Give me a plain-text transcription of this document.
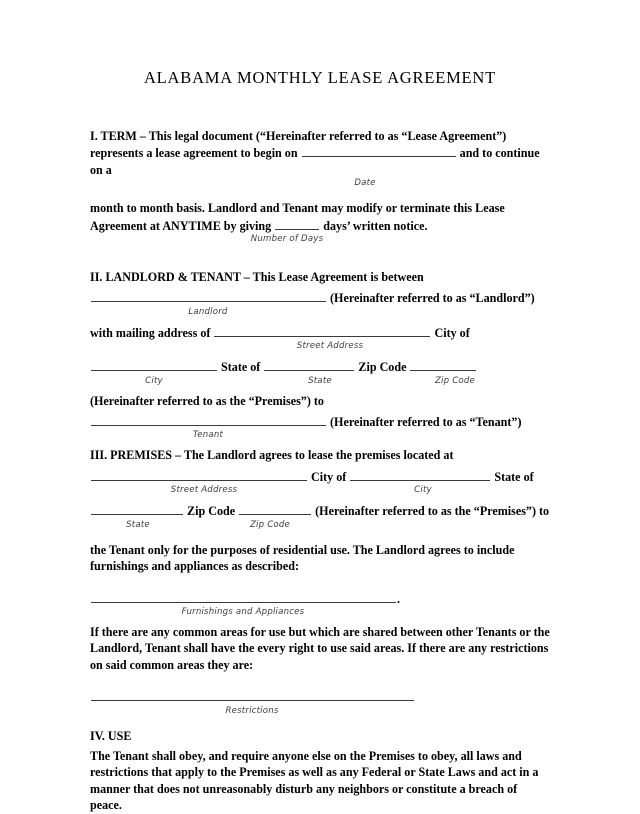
ALABAMA MONTHLY LEASE AGREEMENT
I. TERM – This legal document (“Hereinafter referred to as “Lease Agreement”)
represents a lease agreement to begin on	and to continue on a
Date
month to month basis. Landlord and Tenant may modify or terminate this Lease
Agreement at ANYTIME by giving	days’ written notice.
Number of Days
II. LANDLORD & TENANT – This Lease Agreement is between
(Hereinafter referred to as “Landlord”)
Landlord
with mailing address of	City of
Street Address
State of	Zip Code
City	State	Zip Code
(Hereinafter referred to as the “Premises”) to
(Hereinafter referred to as “Tenant”)
Tenant
III. PREMISES – The Landlord agrees to lease the premises located at
City of	State of
Street Address	City
Zip Code	(Hereinafter referred to as the “Premises”) to
State	Zip Code
the Tenant only for the purposes of residential use. The Landlord agrees to include
furnishings and appliances as described:
.
Furnishings and Appliances
If there are any common areas for use but which are shared between other Tenants or the
Landlord, Tenant shall have the every right to use said areas. If there are any restrictions
on said common areas they are:
Restrictions
IV. USE
The Tenant shall obey, and require anyone else on the Premises to obey, all laws and
restrictions that apply to the Premises as well as any Federal or State Laws and act in a
manner that does not unreasonably disturb any neighbors or constitute a breach of peace.
